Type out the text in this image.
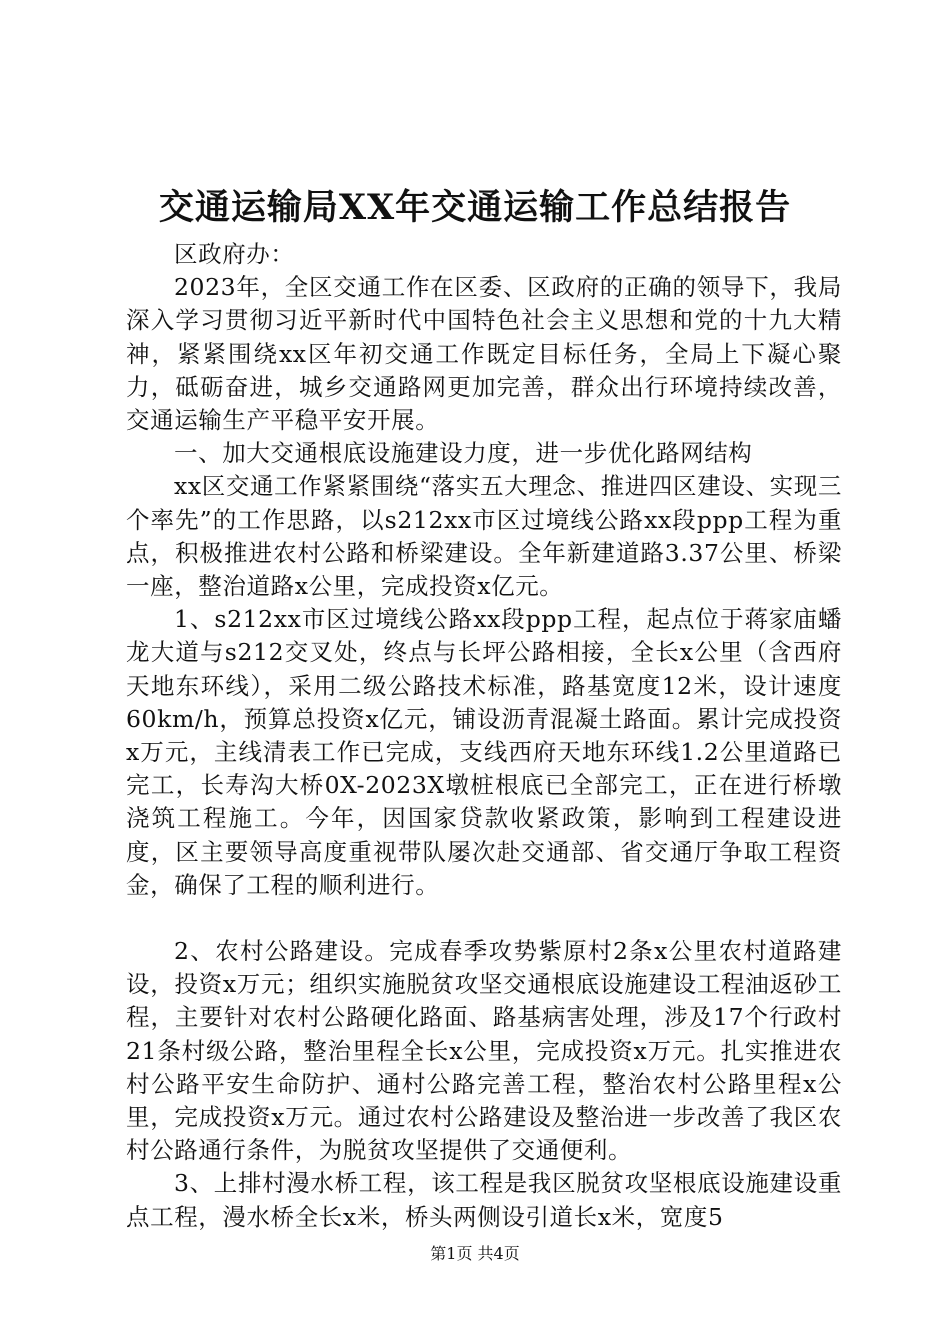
交通运输局XX年交通运输工作总结报告

区政府办：

2023年，全区交通工作在区委、区政府的正确的领导下，我局深入学习贯彻习近平新时代中国特色社会主义思想和党的十九大精神，紧紧围绕xx区年初交通工作既定目标任务，全局上下凝心聚力，砥砺奋进，城乡交通路网更加完善，群众出行环境持续改善，交通运输生产平稳平安开展。

一、加大交通根底设施建设力度，进一步优化路网结构

xx区交通工作紧紧围绕“落实五大理念、推进四区建设、实现三个率先”的工作思路，以s212xx市区过境线公路xx段ppp工程为重点，积极推进农村公路和桥梁建设。全年新建道路3.37公里、桥梁一座，整治道路x公里，完成投资x亿元。

1、s212xx市区过境线公路xx段ppp工程，起点位于蒋家庙蟠龙大道与s212交叉处，终点与长坪公路相接，全长x公里（含西府天地东环线），采用二级公路技术标准，路基宽度12米，设计速度60km/h，预算总投资x亿元，铺设沥青混凝土路面。累计完成投资x万元，主线清表工作已完成，支线西府天地东环线1.2公里道路已完工，长寿沟大桥0X-2023X墩桩根底已全部完工，正在进行桥墩浇筑工程施工。今年，因国家贷款收紧政策，影响到工程建设进度，区主要领导高度重视带队屡次赴交通部、省交通厅争取工程资金，确保了工程的顺利进行。

2、农村公路建设。完成春季攻势紫原村2条x公里农村道路建设，投资x万元；组织实施脱贫攻坚交通根底设施建设工程油返砂工程，主要针对农村公路硬化路面、路基病害处理，涉及17个行政村21条村级公路，整治里程全长x公里，完成投资x万元。扎实推进农村公路平安生命防护、通村公路完善工程，整治农村公路里程x公里，完成投资x万元。通过农村公路建设及整治进一步改善了我区农村公路通行条件，为脱贫攻坚提供了交通便利。

3、上排村漫水桥工程，该工程是我区脱贫攻坚根底设施建设重点工程，漫水桥全长x米，桥头两侧设引道长x米，宽度5

第1页 共4页
